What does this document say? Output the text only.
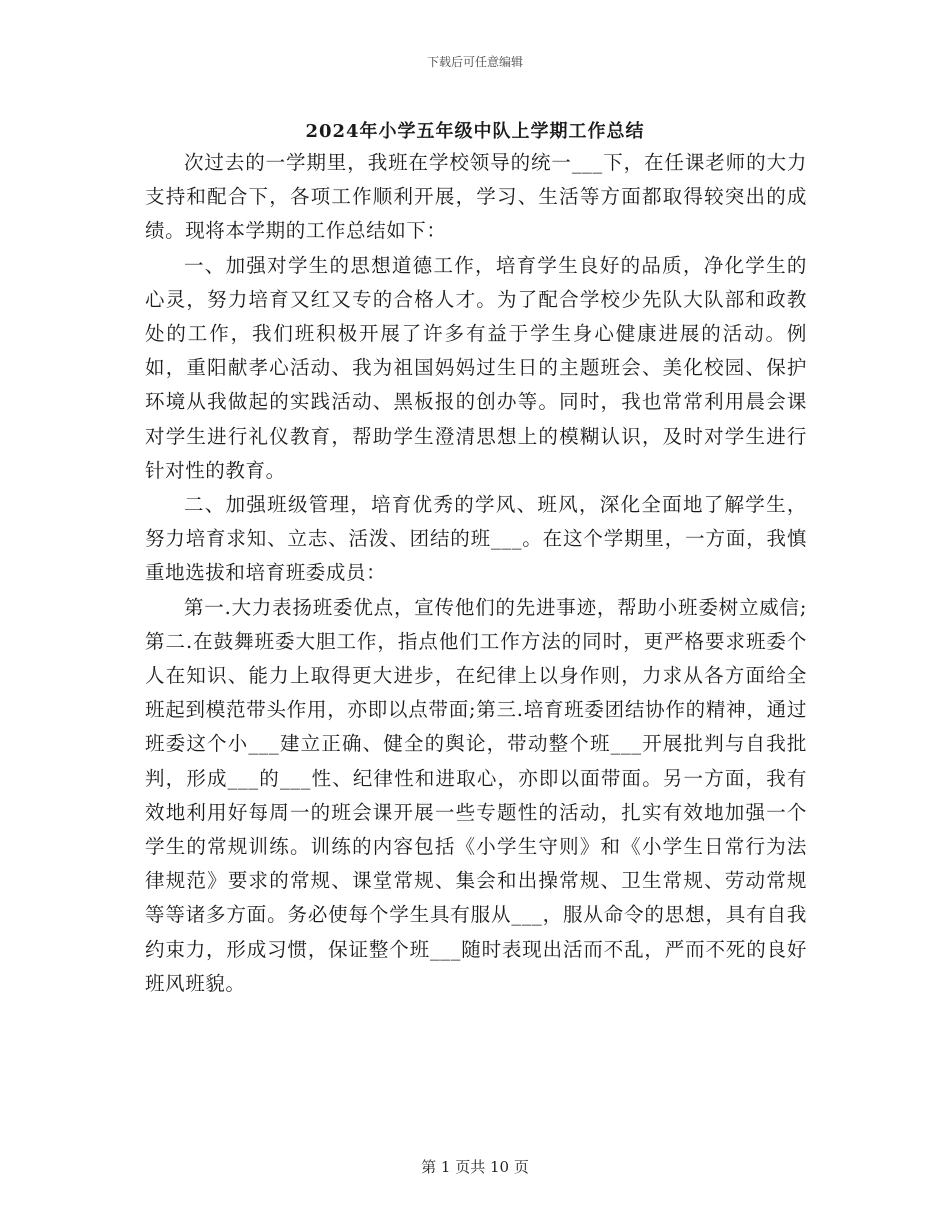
下载后可任意编辑
2024年小学五年级中队上学期工作总结

次过去的一学期里，我班在学校领导的统一___下，在任课老师的大力支持和配合下，各项工作顺利开展，学习、生活等方面都取得较突出的成绩。现将本学期的工作总结如下：

一、加强对学生的思想道德工作，培育学生良好的品质，净化学生的心灵，努力培育又红又专的合格人才。为了配合学校少先队大队部和政教处的工作，我们班积极开展了许多有益于学生身心健康进展的活动。例如，重阳献孝心活动、我为祖国妈妈过生日的主题班会、美化校园、保护环境从我做起的实践活动、黑板报的创办等。同时，我也常常利用晨会课对学生进行礼仪教育，帮助学生澄清思想上的模糊认识，及时对学生进行针对性的教育。

二、加强班级管理，培育优秀的学风、班风，深化全面地了解学生，努力培育求知、立志、活泼、团结的班___。在这个学期里，一方面，我慎重地选拔和培育班委成员：

第一.大力表扬班委优点，宣传他们的先进事迹，帮助小班委树立威信;第二.在鼓舞班委大胆工作，指点他们工作方法的同时，更严格要求班委个人在知识、能力上取得更大进步，在纪律上以身作则，力求从各方面给全班起到模范带头作用，亦即以点带面;第三.培育班委团结协作的精神，通过班委这个小___建立正确、健全的舆论，带动整个班___开展批判与自我批判，形成___的___性、纪律性和进取心，亦即以面带面。另一方面，我有效地利用好每周一的班会课开展一些专题性的活动，扎实有效地加强一个学生的常规训练。训练的内容包括《小学生守则》和《小学生日常行为法律规范》要求的常规、课堂常规、集会和出操常规、卫生常规、劳动常规等等诸多方面。务必使每个学生具有服从___，服从命令的思想，具有自我约束力，形成习惯，保证整个班___随时表现出活而不乱，严而不死的良好班风班貌。

第 1 页共 10 页
